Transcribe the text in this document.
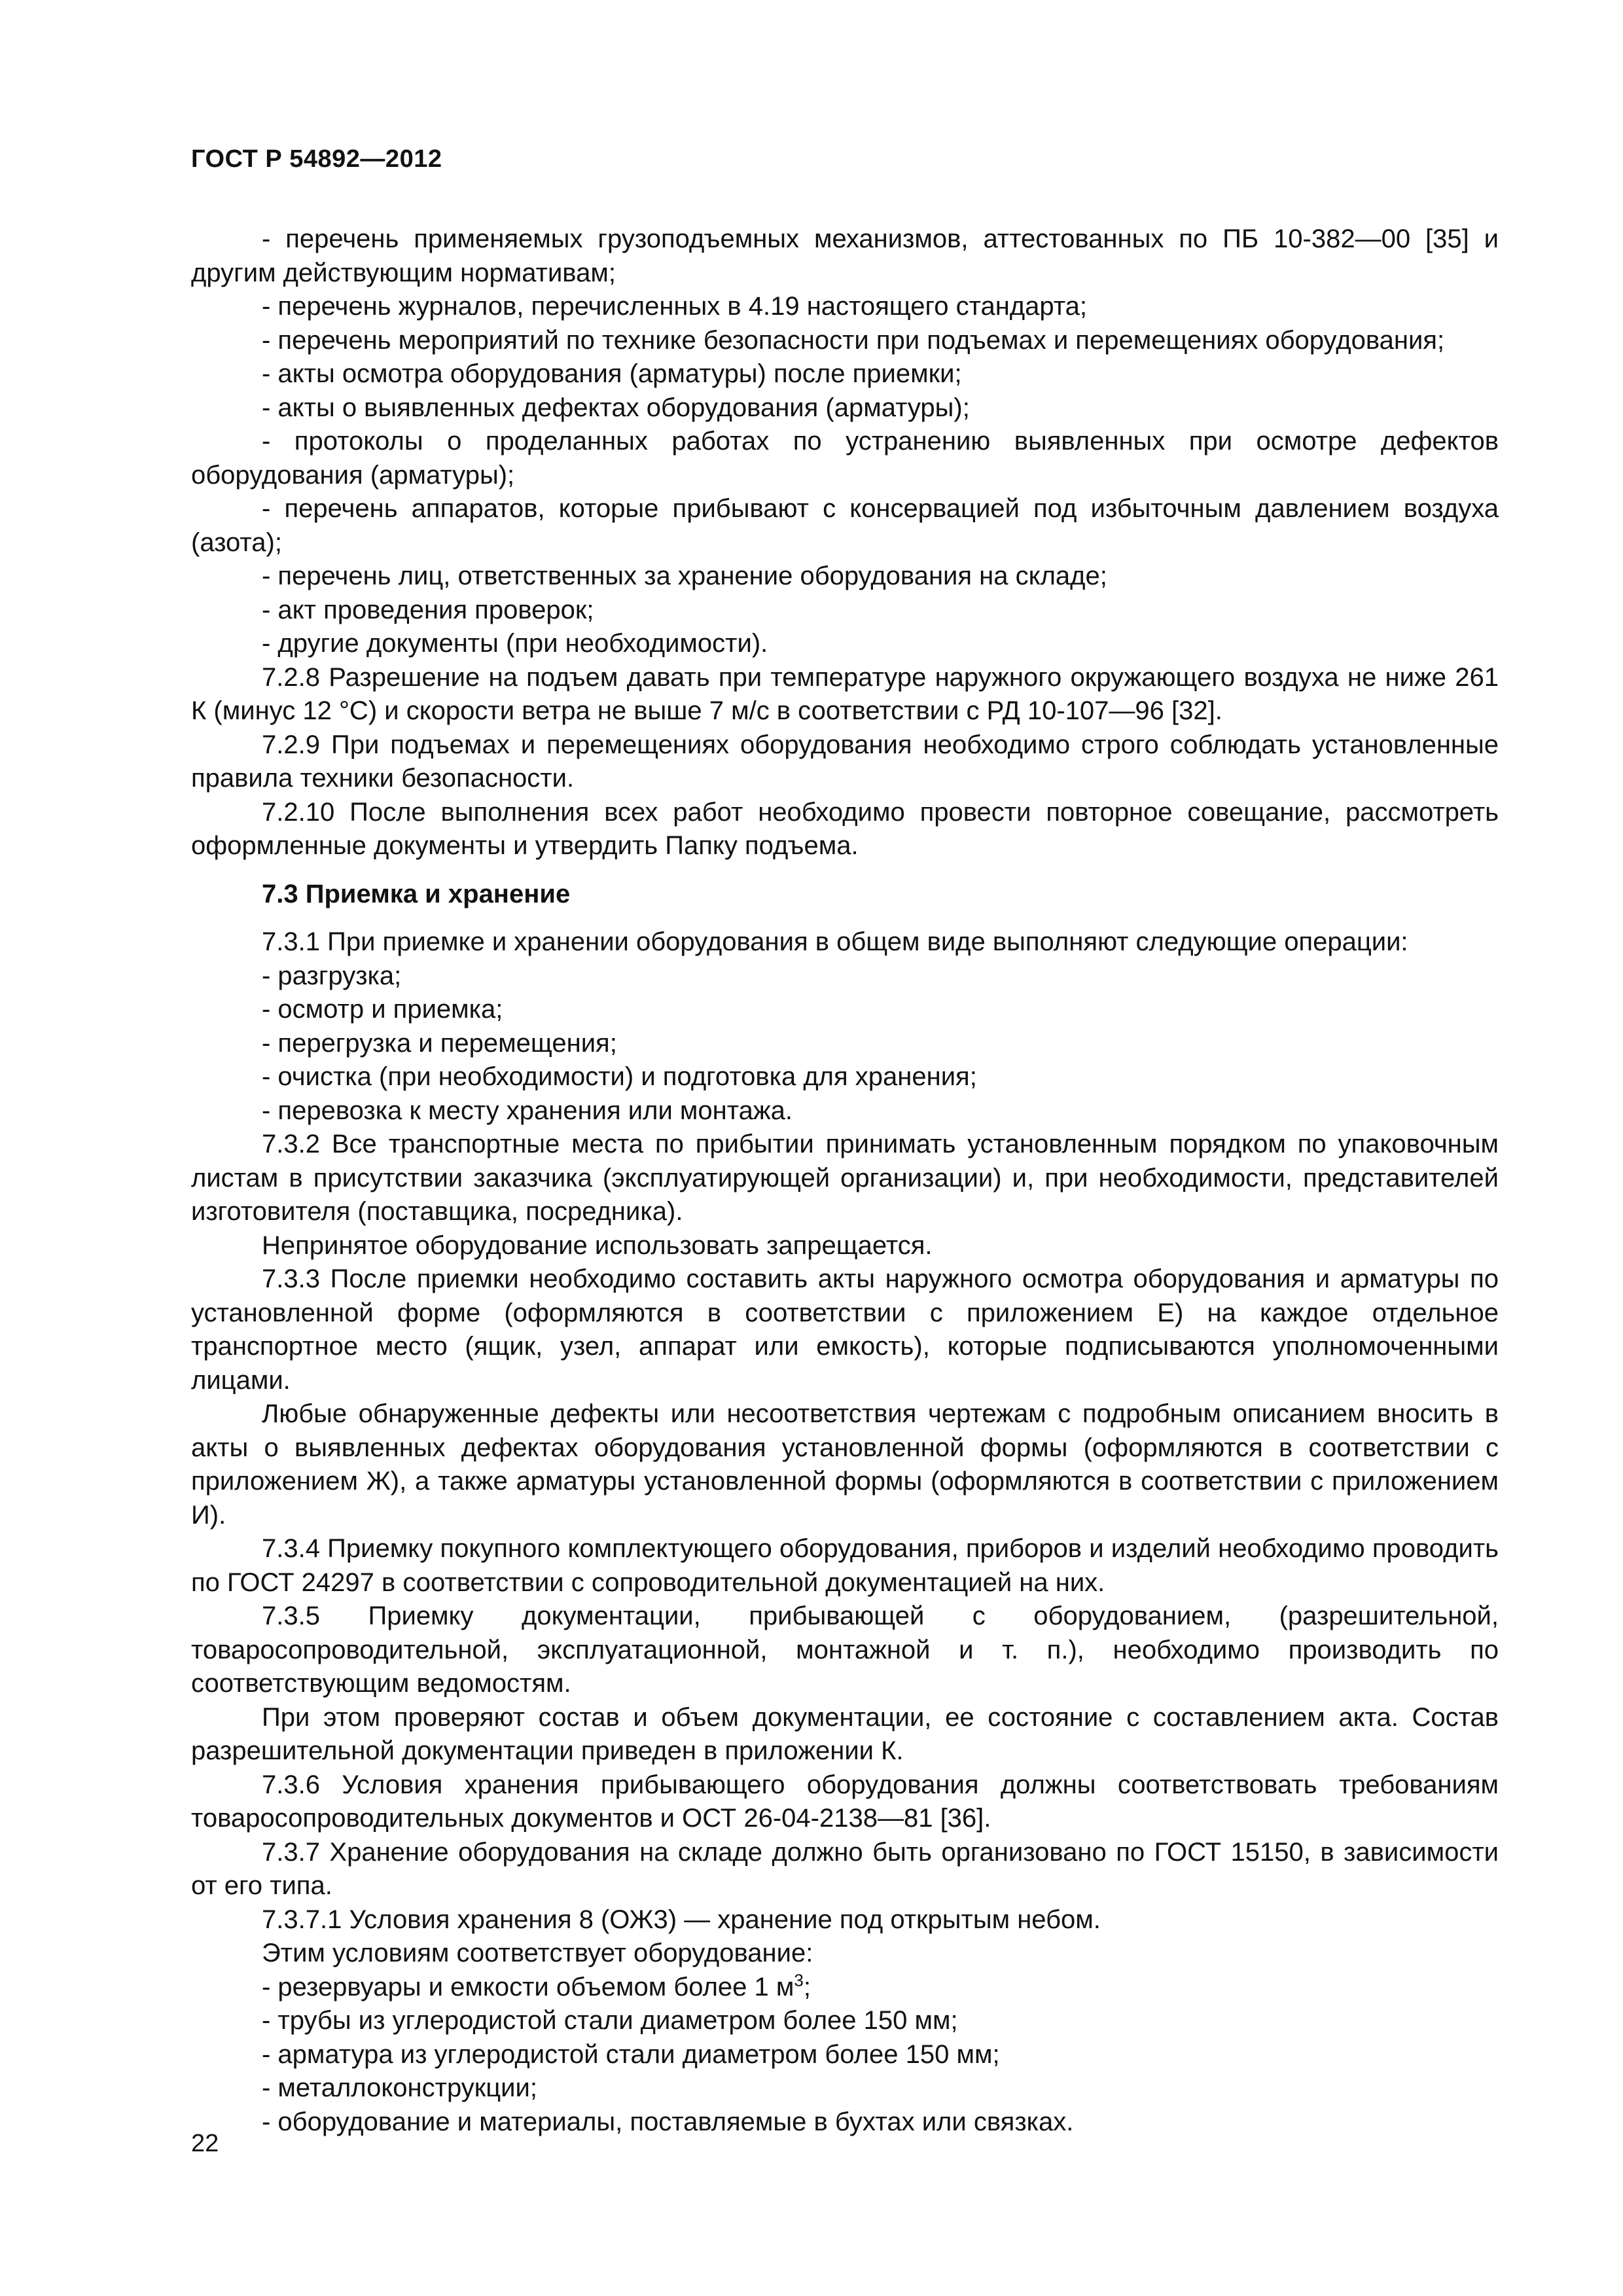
ГОСТ Р 54892—2012

- перечень применяемых грузоподъемных механизмов, аттестованных по ПБ 10-382—00 [35] и другим действующим нормативам;

- перечень журналов, перечисленных в 4.19 настоящего стандарта;

- перечень мероприятий по технике безопасности при подъемах и перемещениях оборудования;

- акты осмотра оборудования (арматуры) после приемки;

- акты о выявленных дефектах оборудования (арматуры);

- протоколы о проделанных работах по устранению выявленных при осмотре дефектов оборудования (арматуры);

- перечень аппаратов, которые прибывают с консервацией под избыточным давлением воздуха (азота);

- перечень лиц, ответственных за хранение оборудования на складе;

- акт проведения проверок;

- другие документы (при необходимости).

7.2.8 Разрешение на подъем давать при температуре наружного окружающего воздуха не ниже 261 К (минус 12 °С) и скорости ветра не выше 7 м/с в соответствии с РД 10-107—96 [32].

7.2.9 При подъемах и перемещениях оборудования необходимо строго соблюдать установленные правила техники безопасности.

7.2.10 После выполнения всех работ необходимо провести повторное совещание, рассмотреть оформленные документы и утвердить Папку подъема.

7.3 Приемка и хранение

7.3.1 При приемке и хранении оборудования в общем виде выполняют следующие операции:

- разгрузка;

- осмотр и приемка;

- перегрузка и перемещения;

- очистка (при необходимости) и подготовка для хранения;

- перевозка к месту хранения или монтажа.

7.3.2 Все транспортные места по прибытии принимать установленным порядком по упаковочным листам в присутствии заказчика (эксплуатирующей организации) и, при необходимости, представителей изготовителя (поставщика, посредника).

Непринятое оборудование использовать запрещается.

7.3.3 После приемки необходимо составить акты наружного осмотра оборудования и арматуры по установленной форме (оформляются в соответствии с приложением Е) на каждое отдельное транспортное место (ящик, узел, аппарат или емкость), которые подписываются уполномоченными лицами.

Любые обнаруженные дефекты или несоответствия чертежам с подробным описанием вносить в акты о выявленных дефектах оборудования установленной формы (оформляются в соответствии с приложением Ж), а также арматуры установленной формы (оформляются в соответствии с приложением И).

7.3.4 Приемку покупного комплектующего оборудования, приборов и изделий необходимо проводить по ГОСТ 24297 в соответствии с сопроводительной документацией на них.

7.3.5 Приемку документации, прибывающей с оборудованием, (разрешительной, товаросопроводительной, эксплуатационной, монтажной и т. п.), необходимо производить по соответствующим ведомостям.

При этом проверяют состав и объем документации, ее состояние с составлением акта. Состав разрешительной документации приведен в приложении К.

7.3.6 Условия хранения прибывающего оборудования должны соответствовать требованиям товаросопроводительных документов и ОСТ 26-04-2138—81 [36].

7.3.7 Хранение оборудования на складе должно быть организовано по ГОСТ 15150, в зависимости от его типа.

7.3.7.1 Условия хранения 8 (ОЖ3) — хранение под открытым небом.

Этим условиям соответствует оборудование:

- резервуары и емкости объемом более 1 $м^3$;

- трубы из углеродистой стали диаметром более 150 мм;

- арматура из углеродистой стали диаметром более 150 мм;

- металлоконструкции;

- оборудование и материалы, поставляемые в бухтах или связках.

22
